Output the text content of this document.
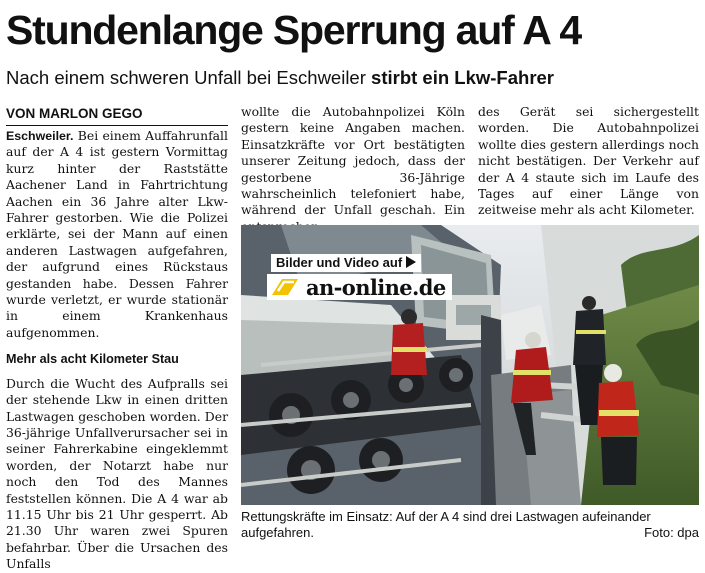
Stundenlange Sperrung auf A 4
Nach einem schweren Unfall bei Eschweiler stirbt ein Lkw-Fahrer
VON MARLON GEGO

Eschweiler. Bei einem Auffahrunfall auf der A 4 ist gestern Vormittag kurz hinter der Raststätte Aachener Land in Fahrtrichtung Aachen ein 36 Jahre alter Lkw-Fahrer gestorben. Wie die Polizei erklärte, sei der Mann auf einen anderen Lastwagen aufgefahren, der aufgrund eines Rückstaus gestanden habe. Dessen Fahrer wurde verletzt, er wurde stationär in einem Krankenhaus aufgenommen.

Mehr als acht Kilometer Stau

Durch die Wucht des Aufpralls sei der stehende Lkw in einen dritten Lastwagen geschoben worden. Der 36-jährige Unfallverursacher sei in seiner Fahrerkabine eingeklemmt worden, der Notarzt habe nur noch den Tod des Mannes feststellen können. Die A 4 war ab 11.15 Uhr bis 21 Uhr gesperrt. Ab 21.30 Uhr waren zwei Spuren befahrbar. Über die Ursachen des Unfalls

wollte die Autobahnpolizei Köln gestern keine Angaben machen. Einsatzkräfte vor Ort bestätigten unserer Zeitung jedoch, dass der gestorbene 36-Jährige wahrscheinlich telefoniert habe, während der Unfall geschah. Ein

des Gerät sei sichergestellt worden. Die Autobahnpolizei wollte dies gestern allerdings noch nicht bestätigen. Der Verkehr auf der A 4 staute sich im Laufe des Tages auf einer Länge von zeitweise mehr als acht Kilometer.

Bilder und Video auf
an-online.de
Rettungskräfte im Einsatz: Auf der A 4 sind drei Lastwagen aufeinander aufgefahren.	Foto: dpa
